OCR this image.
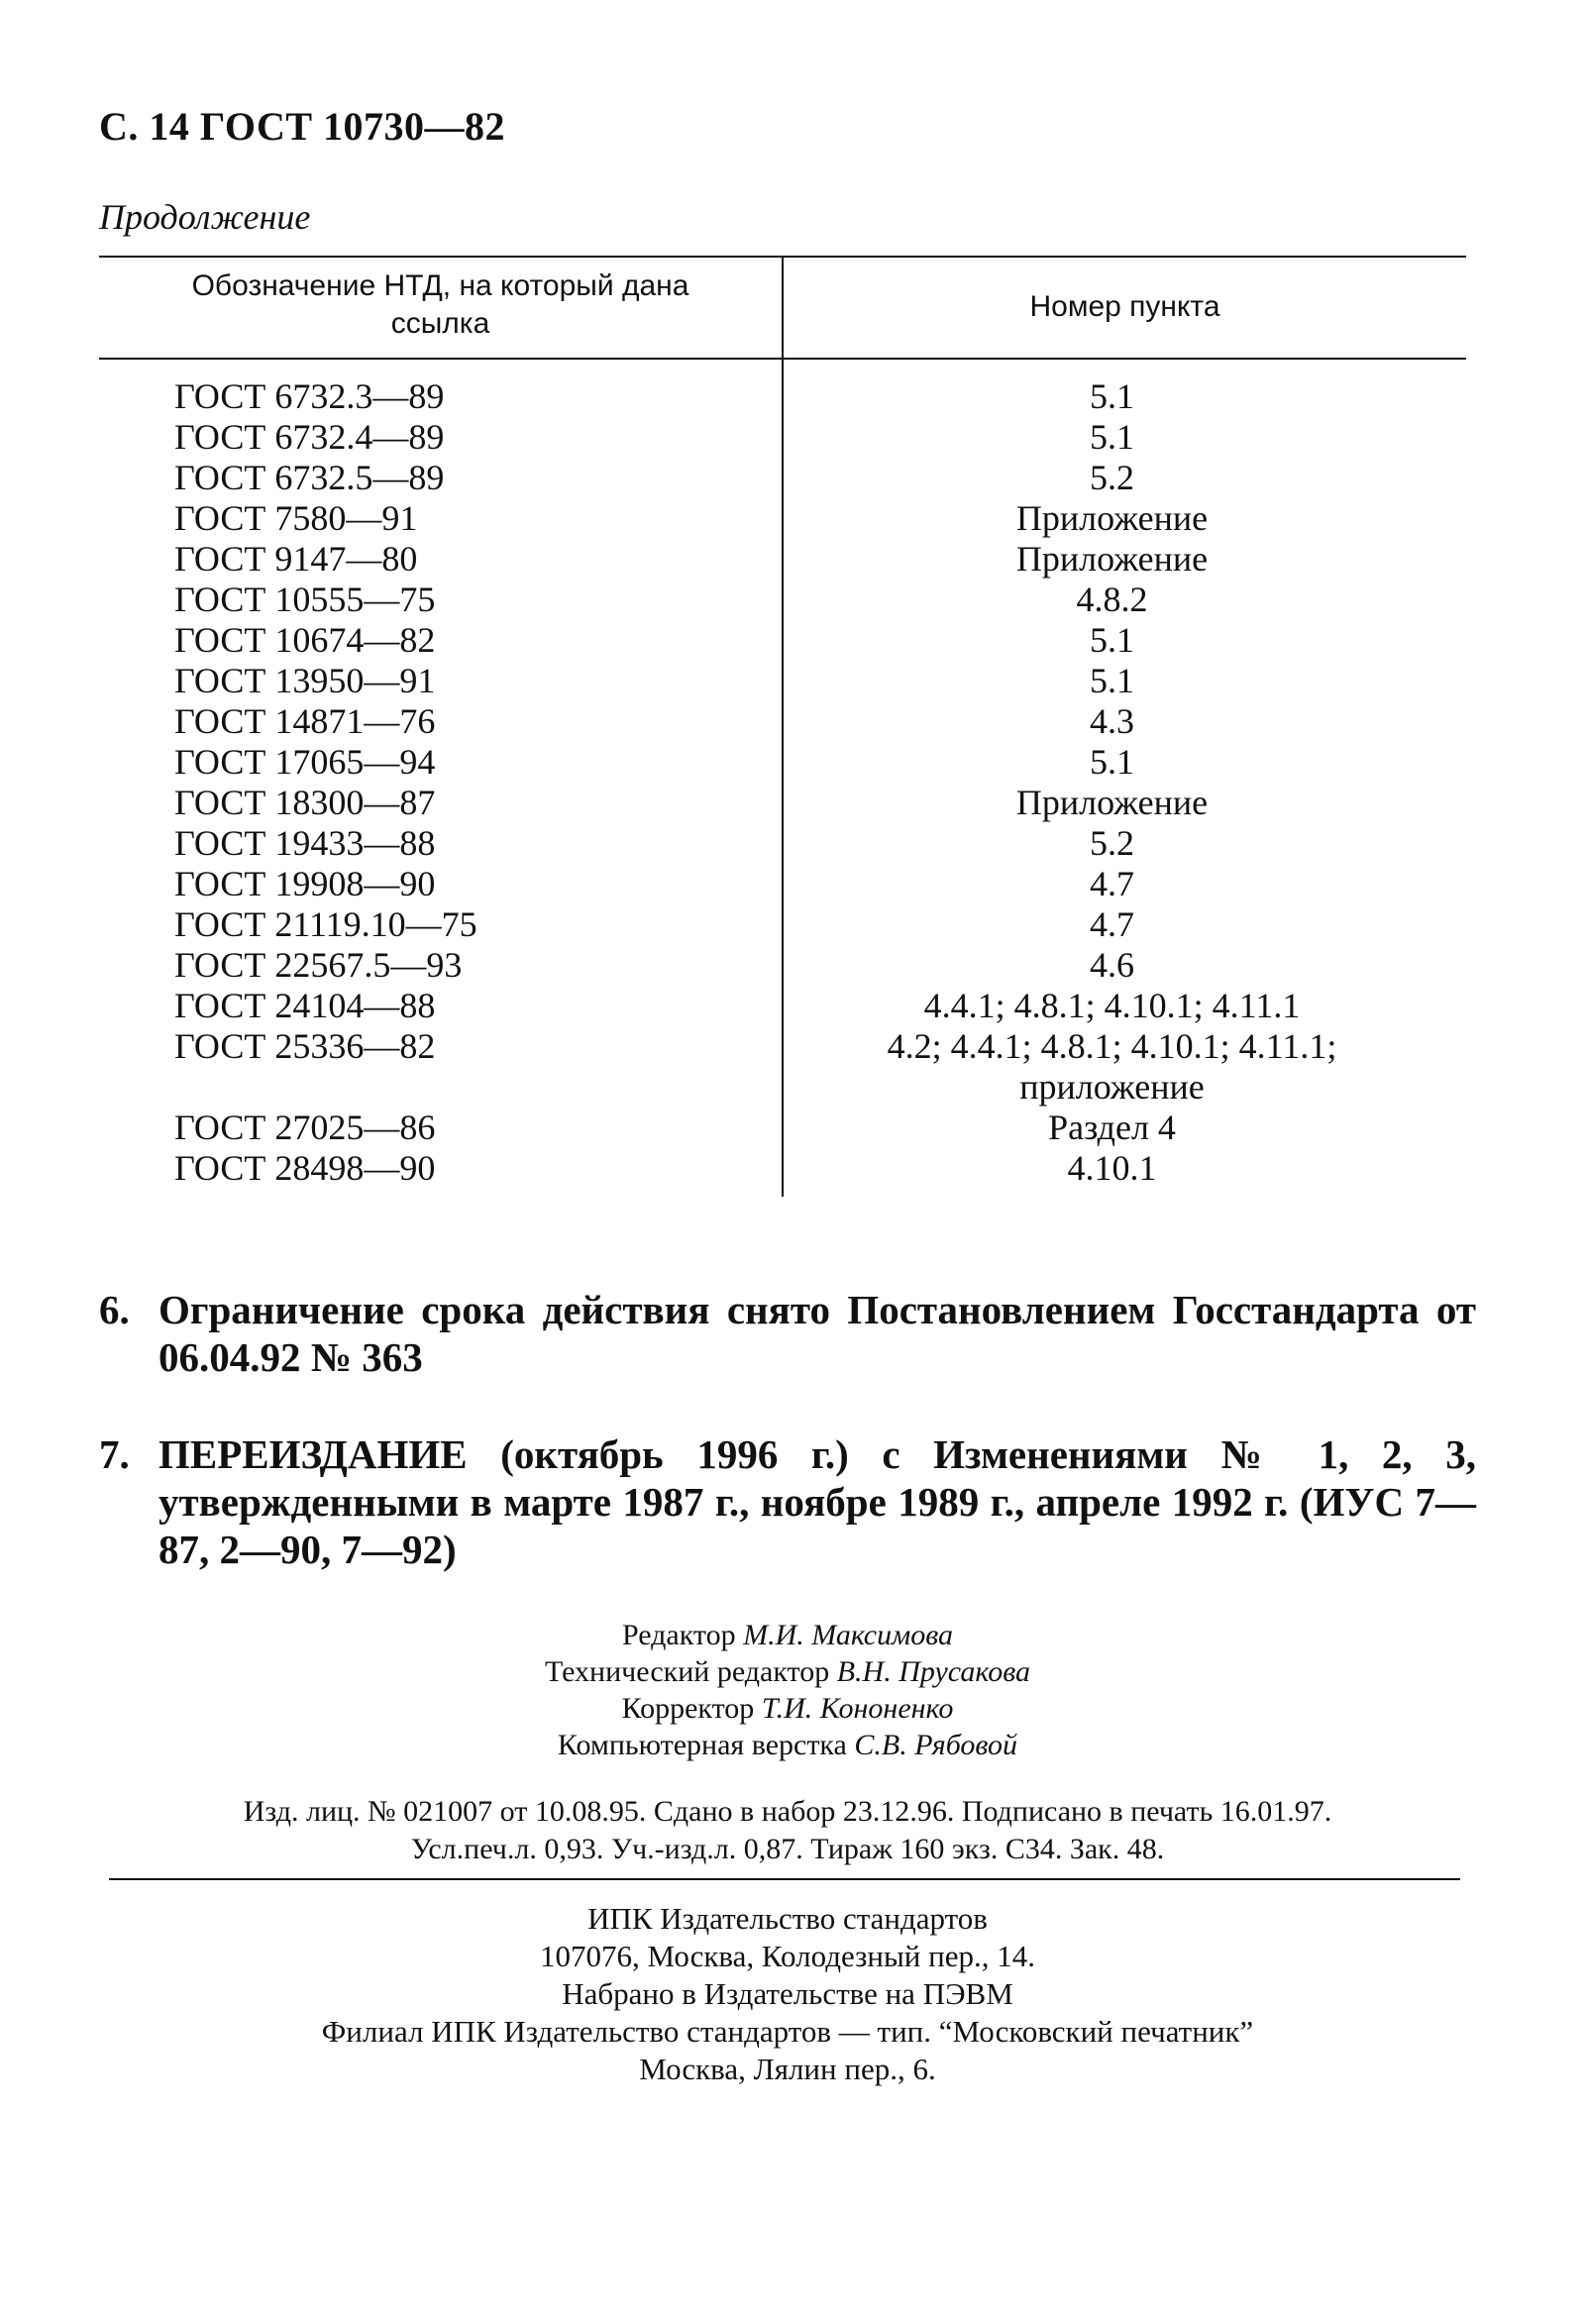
С. 14 ГОСТ 10730—82
Продолжение
Обозначение НТД, на который дана ссылка
Номер пункта
ГОСТ 6732.3—89	5.1
ГОСТ 6732.4—89	5.1
ГОСТ 6732.5—89	5.2
ГОСТ 7580—91	Приложение
ГОСТ 9147—80	Приложение
ГОСТ 10555—75	4.8.2
ГОСТ 10674—82	5.1
ГОСТ 13950—91	5.1
ГОСТ 14871—76	4.3
ГОСТ 17065—94	5.1
ГОСТ 18300—87	Приложение
ГОСТ 19433—88	5.2
ГОСТ 19908—90	4.7
ГОСТ 21119.10—75	4.7
ГОСТ 22567.5—93	4.6
ГОСТ 24104—88	4.4.1; 4.8.1; 4.10.1; 4.11.1
ГОСТ 25336—82	4.2; 4.4.1; 4.8.1; 4.10.1; 4.11.1;
приложение
ГОСТ 27025—86	Раздел 4
ГОСТ 28498—90	4.10.1
6. Ограничение срока действия снято Постановлением Госстандарта от 06.04.92 № 363
7. ПЕРЕИЗДАНИЕ (октябрь 1996 г.) с Изменениями № 1, 2, 3, утвержденными в марте 1987 г., ноябре 1989 г., апреле 1992 г. (ИУС 7—87, 2—90, 7—92)
Редактор М.И. Максимова
Технический редактор В.Н. Прусакова
Корректор Т.И. Кононенко
Компьютерная верстка С.В. Рябовой
Изд. лиц. № 021007 от 10.08.95. Сдано в набор 23.12.96. Подписано в печать 16.01.97.
Усл.печ.л. 0,93. Уч.-изд.л. 0,87. Тираж 160 экз. С34. Зак. 48.
ИПК Издательство стандартов
107076, Москва, Колодезный пер., 14.
Набрано в Издательстве на ПЭВМ
Филиал ИПК Издательство стандартов — тип. “Московский печатник”
Москва, Лялин пер., 6.
